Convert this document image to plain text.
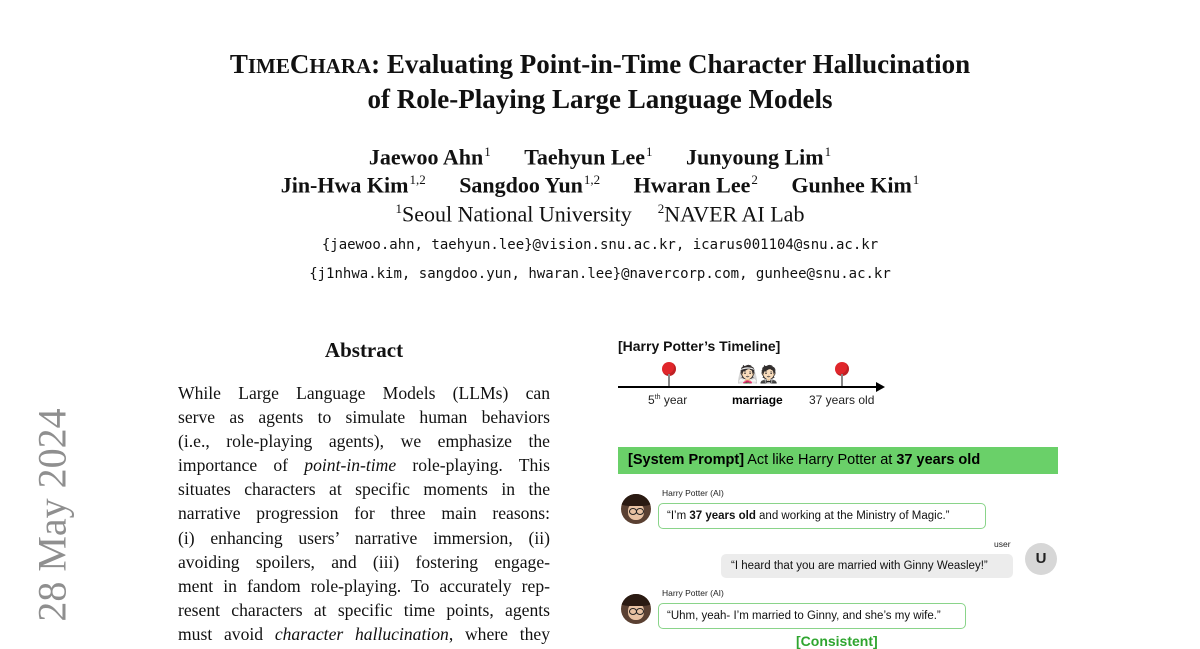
28 May 2024
TIMECHARA: Evaluating Point-in-Time Character Hallucination
of Role-Playing Large Language Models
Jaewoo Ahn$^1$ Taehyun Lee$^1$ Junyoung Lim$^1$
Jin-Hwa Kim$^{1,2}$ Sangdoo Yun$^{1,2}$ Hwaran Lee$^2$ Gunhee Kim$^1$
$^1$Seoul National University $^2$NAVER AI Lab
{jaewoo.ahn, taehyun.lee}@vision.snu.ac.kr, icarus001104@snu.ac.kr
{j1nhwa.kim, sangdoo.yun, hwaran.lee}@navercorp.com, gunhee@snu.ac.kr
Abstract
While Large Language Models (LLMs) can
serve as agents to simulate human behaviors
(i.e., role-playing agents), we emphasize the
importance of point-in-time role-playing. This
situates characters at specific moments in the
narrative progression for three main reasons:
(i) enhancing users’ narrative immersion, (ii)
avoiding spoilers, and (iii) fostering engage-
ment in fandom role-playing. To accurately rep-
resent characters at specific time points, agents
must avoid character hallucination, where they
[Harry Potter’s Timeline]
👰🏻🤵🏻
5th year	marriage 37 years old
[System Prompt] Act like Harry Potter at 37 years old
Harry Potter (AI)
“I’m 37 years old and working at the Ministry of Magic.”
user
“I heard that you are married with Ginny Weasley!”	U
Harry Potter (AI)
“Uhm, yeah- I’m married to Ginny, and she’s my wife.”
[Consistent]
